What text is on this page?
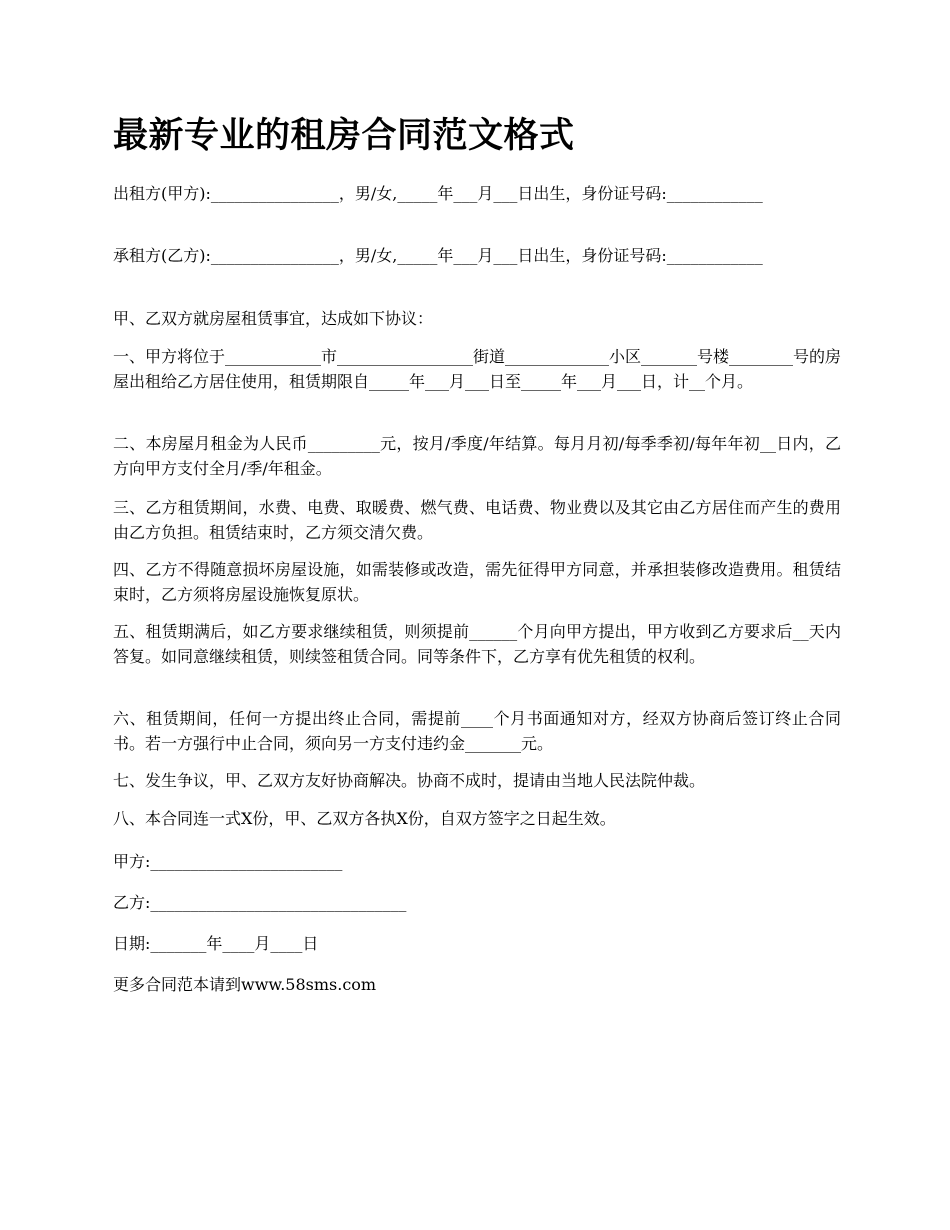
最新专业的租房合同范文格式

出租方(甲方):________________，男/女,_____年___月___日出生，身份证号码:____________

承租方(乙方):________________，男/女,_____年___月___日出生，身份证号码:____________

甲、乙双方就房屋租赁事宜，达成如下协议：

一、甲方将位于____________市_________________街道_____________小区_______号楼________号的房屋出租给乙方居住使用，租赁期限自_____年___月___日至_____年___月___日，计__个月。

二、本房屋月租金为人民币_________元，按月/季度/年结算。每月月初/每季季初/每年年初__日内，乙方向甲方支付全月/季/年租金。

三、乙方租赁期间，水费、电费、取暖费、燃气费、电话费、物业费以及其它由乙方居住而产生的费用由乙方负担。租赁结束时，乙方须交清欠费。

四、乙方不得随意损坏房屋设施，如需装修或改造，需先征得甲方同意，并承担装修改造费用。租赁结束时，乙方须将房屋设施恢复原状。

五、租赁期满后，如乙方要求继续租赁，则须提前______个月向甲方提出，甲方收到乙方要求后__天内答复。如同意继续租赁，则续签租赁合同。同等条件下，乙方享有优先租赁的权利。

六、租赁期间，任何一方提出终止合同，需提前____个月书面通知对方，经双方协商后签订终止合同书。若一方强行中止合同，须向另一方支付违约金_______元。

七、发生争议，甲、乙双方友好协商解决。协商不成时，提请由当地人民法院仲裁。

八、本合同连一式X份，甲、乙双方各执X份，自双方签字之日起生效。

甲方:________________________

乙方:________________________________

日期:_______年____月____日

更多合同范本请到www.58sms.com
